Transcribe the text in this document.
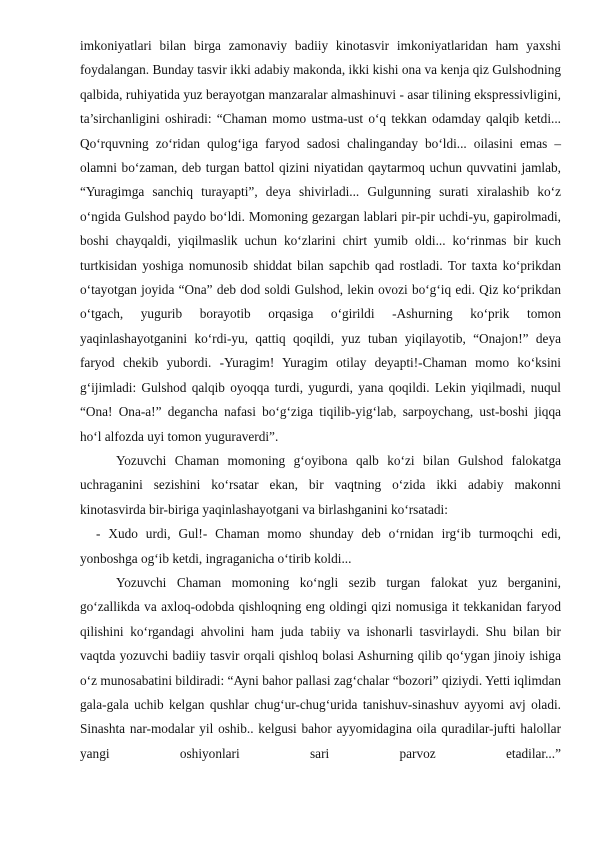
imkoniyatlari bilan birga zamonaviy badiiy kinotasvir imkoniyatlaridan ham yaxshi foydalangan. Bunday tasvir ikki adabiy makonda, ikki kishi ona va kenja qiz Gulshodning qalbida, ruhiyatida yuz berayotgan manzaralar almashinuvi - asar tilining ekspressivligini, ta’sirchanligini oshiradi: “Chaman momo ustma-ust o‘q tekkan odamday qalqib ketdi... Qo‘rquvning zo‘ridan qulog‘iga faryod sadosi chalinganday bo‘ldi... oilasini emas – olamni bo‘zaman, deb turgan battol qizini niyatidan qaytarmoq uchun quvvatini jamlab, “Yuragimga sanchiq turayapti”, deya shivirladi... Gulgunning surati xiralashib ko‘z o‘ngida Gulshod paydo bo‘ldi. Momoning gezargan lablari pir-pir uchdi-yu, gapirolmadi, boshi chayqaldi, yiqilmaslik uchun ko‘zlarini chirt yumib oldi... ko‘rinmas bir kuch turtkisidan yoshiga nomunosib shiddat bilan sapchib qad rostladi. Tor taxta ko‘prikdan o‘tayotgan joyida “Ona” deb dod soldi Gulshod, lekin ovozi bo‘g‘iq edi. Qiz ko‘prikdan o‘tgach, yugurib borayotib orqasiga o‘girildi -Ashurning ko‘prik tomon yaqinlashayotganini ko‘rdi-yu, qattiq qoqildi, yuz tuban yiqilayotib, “Onajon!” deya faryod chekib yubordi. -Yuragim! Yuragim otilay deyapti!-Chaman momo ko‘ksini g‘ijimladi: Gulshod qalqib oyoqqa turdi, yugurdi, yana qoqildi. Lekin yiqilmadi, nuqul “Ona! Ona-a!” degancha nafasi bo‘g‘ziga tiqilib-yig‘lab, sarpoychang, ust-boshi jiqqa ho‘l alfozda uyi tomon yuguraverdi”.

Yozuvchi Chaman momoning g‘oyibona qalb ko‘zi bilan Gulshod falokatga uchraganini sezishini ko‘rsatar ekan, bir vaqtning o‘zida ikki adabiy makonni kinotasvirda bir-biriga yaqinlashayotgani va birlashganini ko‘rsatadi:

- Xudo urdi, Gul!- Chaman momo shunday deb o‘rnidan irg‘ib turmoqchi edi, yonboshga og‘ib ketdi, ingraganicha o‘tirib koldi...

Yozuvchi Chaman momoning ko‘ngli sezib turgan falokat yuz berganini, go‘zallikda va axloq-odobda qishloqning eng oldingi qizi nomusiga it tekkanidan faryod qilishini ko‘rgandagi ahvolini ham juda tabiiy va ishonarli tasvirlaydi. Shu bilan bir vaqtda yozuvchi badiiy tasvir orqali qishloq bolasi Ashurning qilib qo‘ygan jinoiy ishiga o‘z munosabatini bildiradi: “Ayni bahor pallasi zag‘chalar “bozori” qiziydi. Yetti iqlimdan gala-gala uchib kelgan qushlar chug‘ur-chug‘urida tanishuv-sinashuv ayyomi avj oladi. Sinashta nar-modalar yil oshib.. kelgusi bahor ayyomidagina oila quradilar-jufti halollar yangi oshiyonlari sari parvoz etadilar...”
